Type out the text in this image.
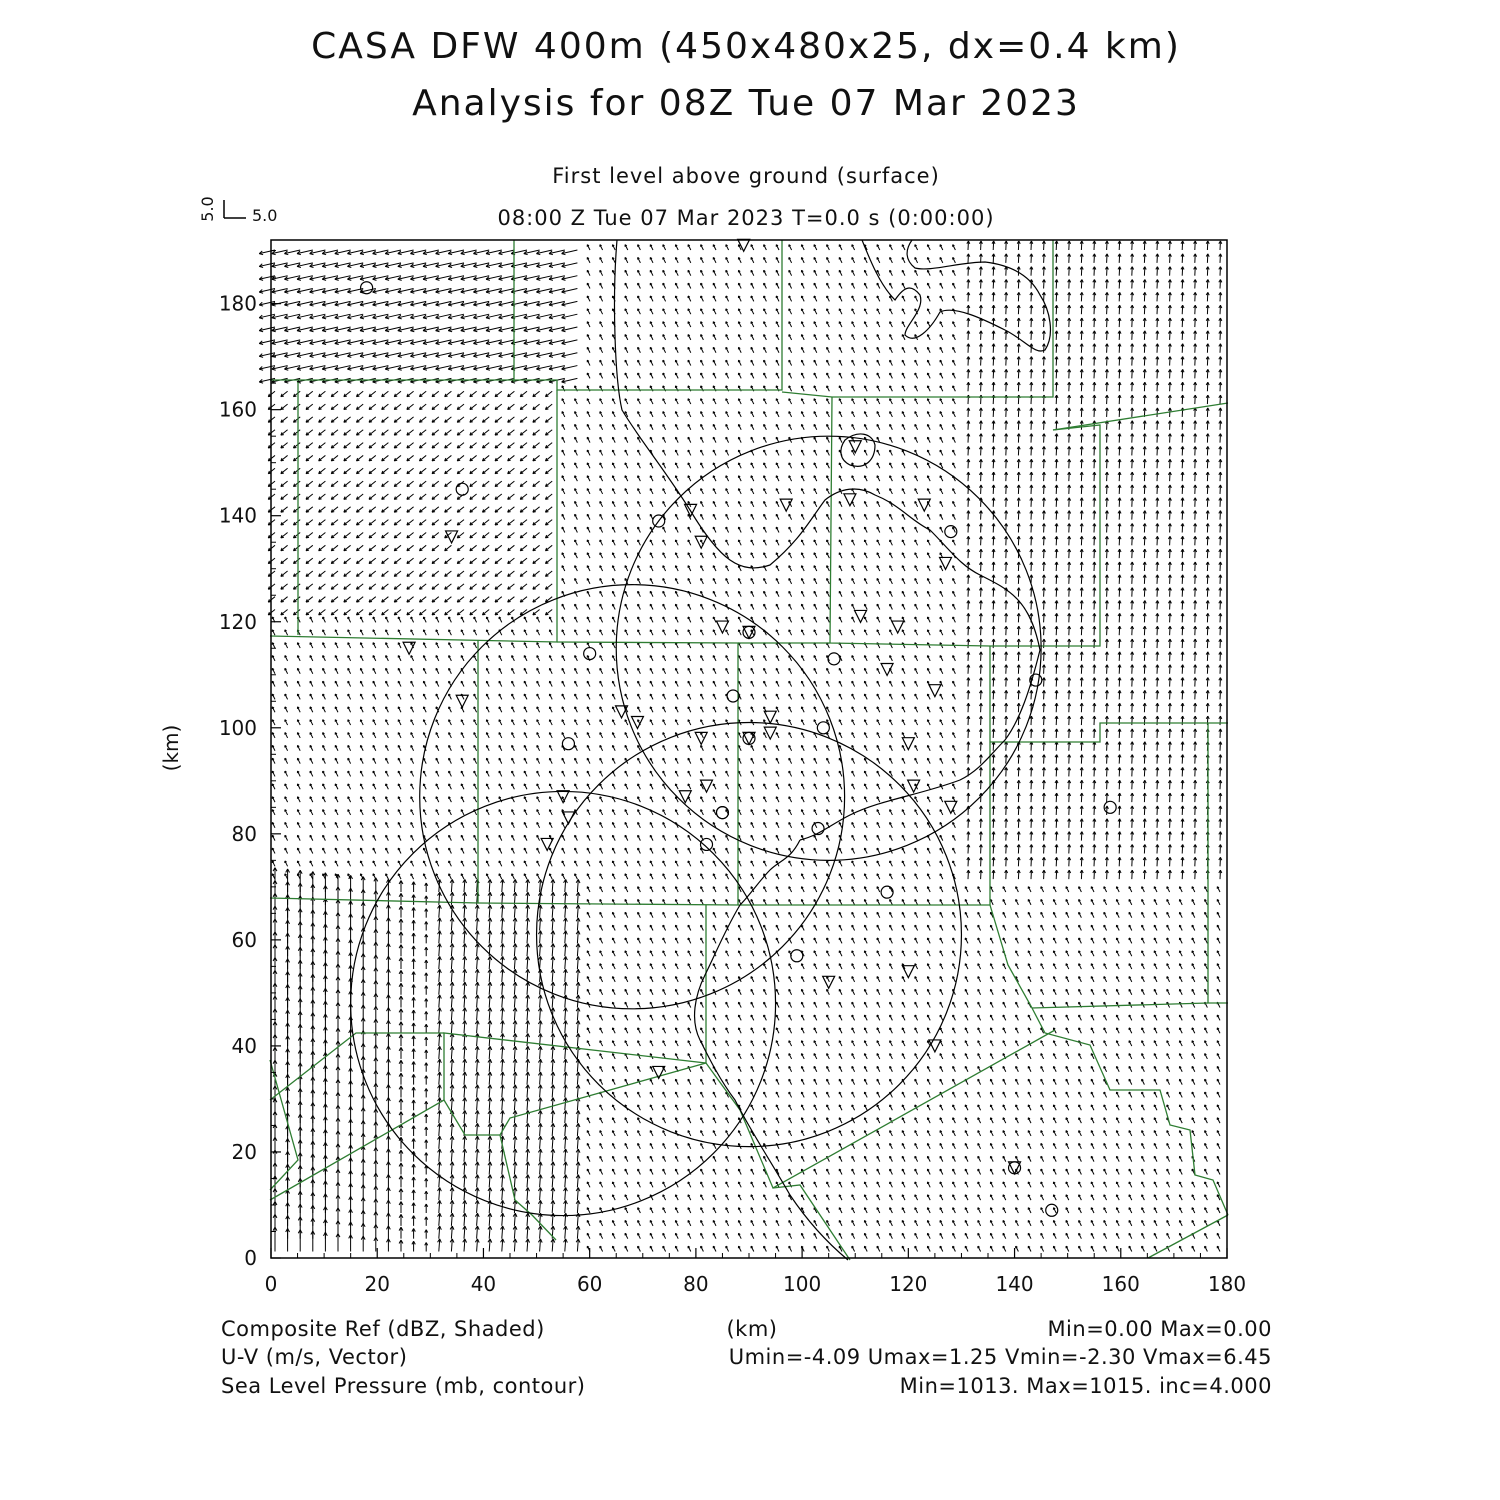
CASA DFW 400m (450x480x25, dx=0.4 km)
Analysis for 08Z Tue 07 Mar 2023
First level above ground (surface)
08:00 Z Tue 07 Mar 2023 T=0.0 s (0:00:00)
5.0 5.0
0	20	40	60	80	100	120	140	160	180
0
20
40
60
80
100
120
140
160
180
(km)
Composite Ref (dBZ, Shaded)	(km)	Min=0.00 Max=0.00
U-V (m/s, Vector)	Umin=-4.09 Umax=1.25 Vmin=-2.30 Vmax=6.45
Sea Level Pressure (mb, contour)	Min=1013. Max=1015. inc=4.000
